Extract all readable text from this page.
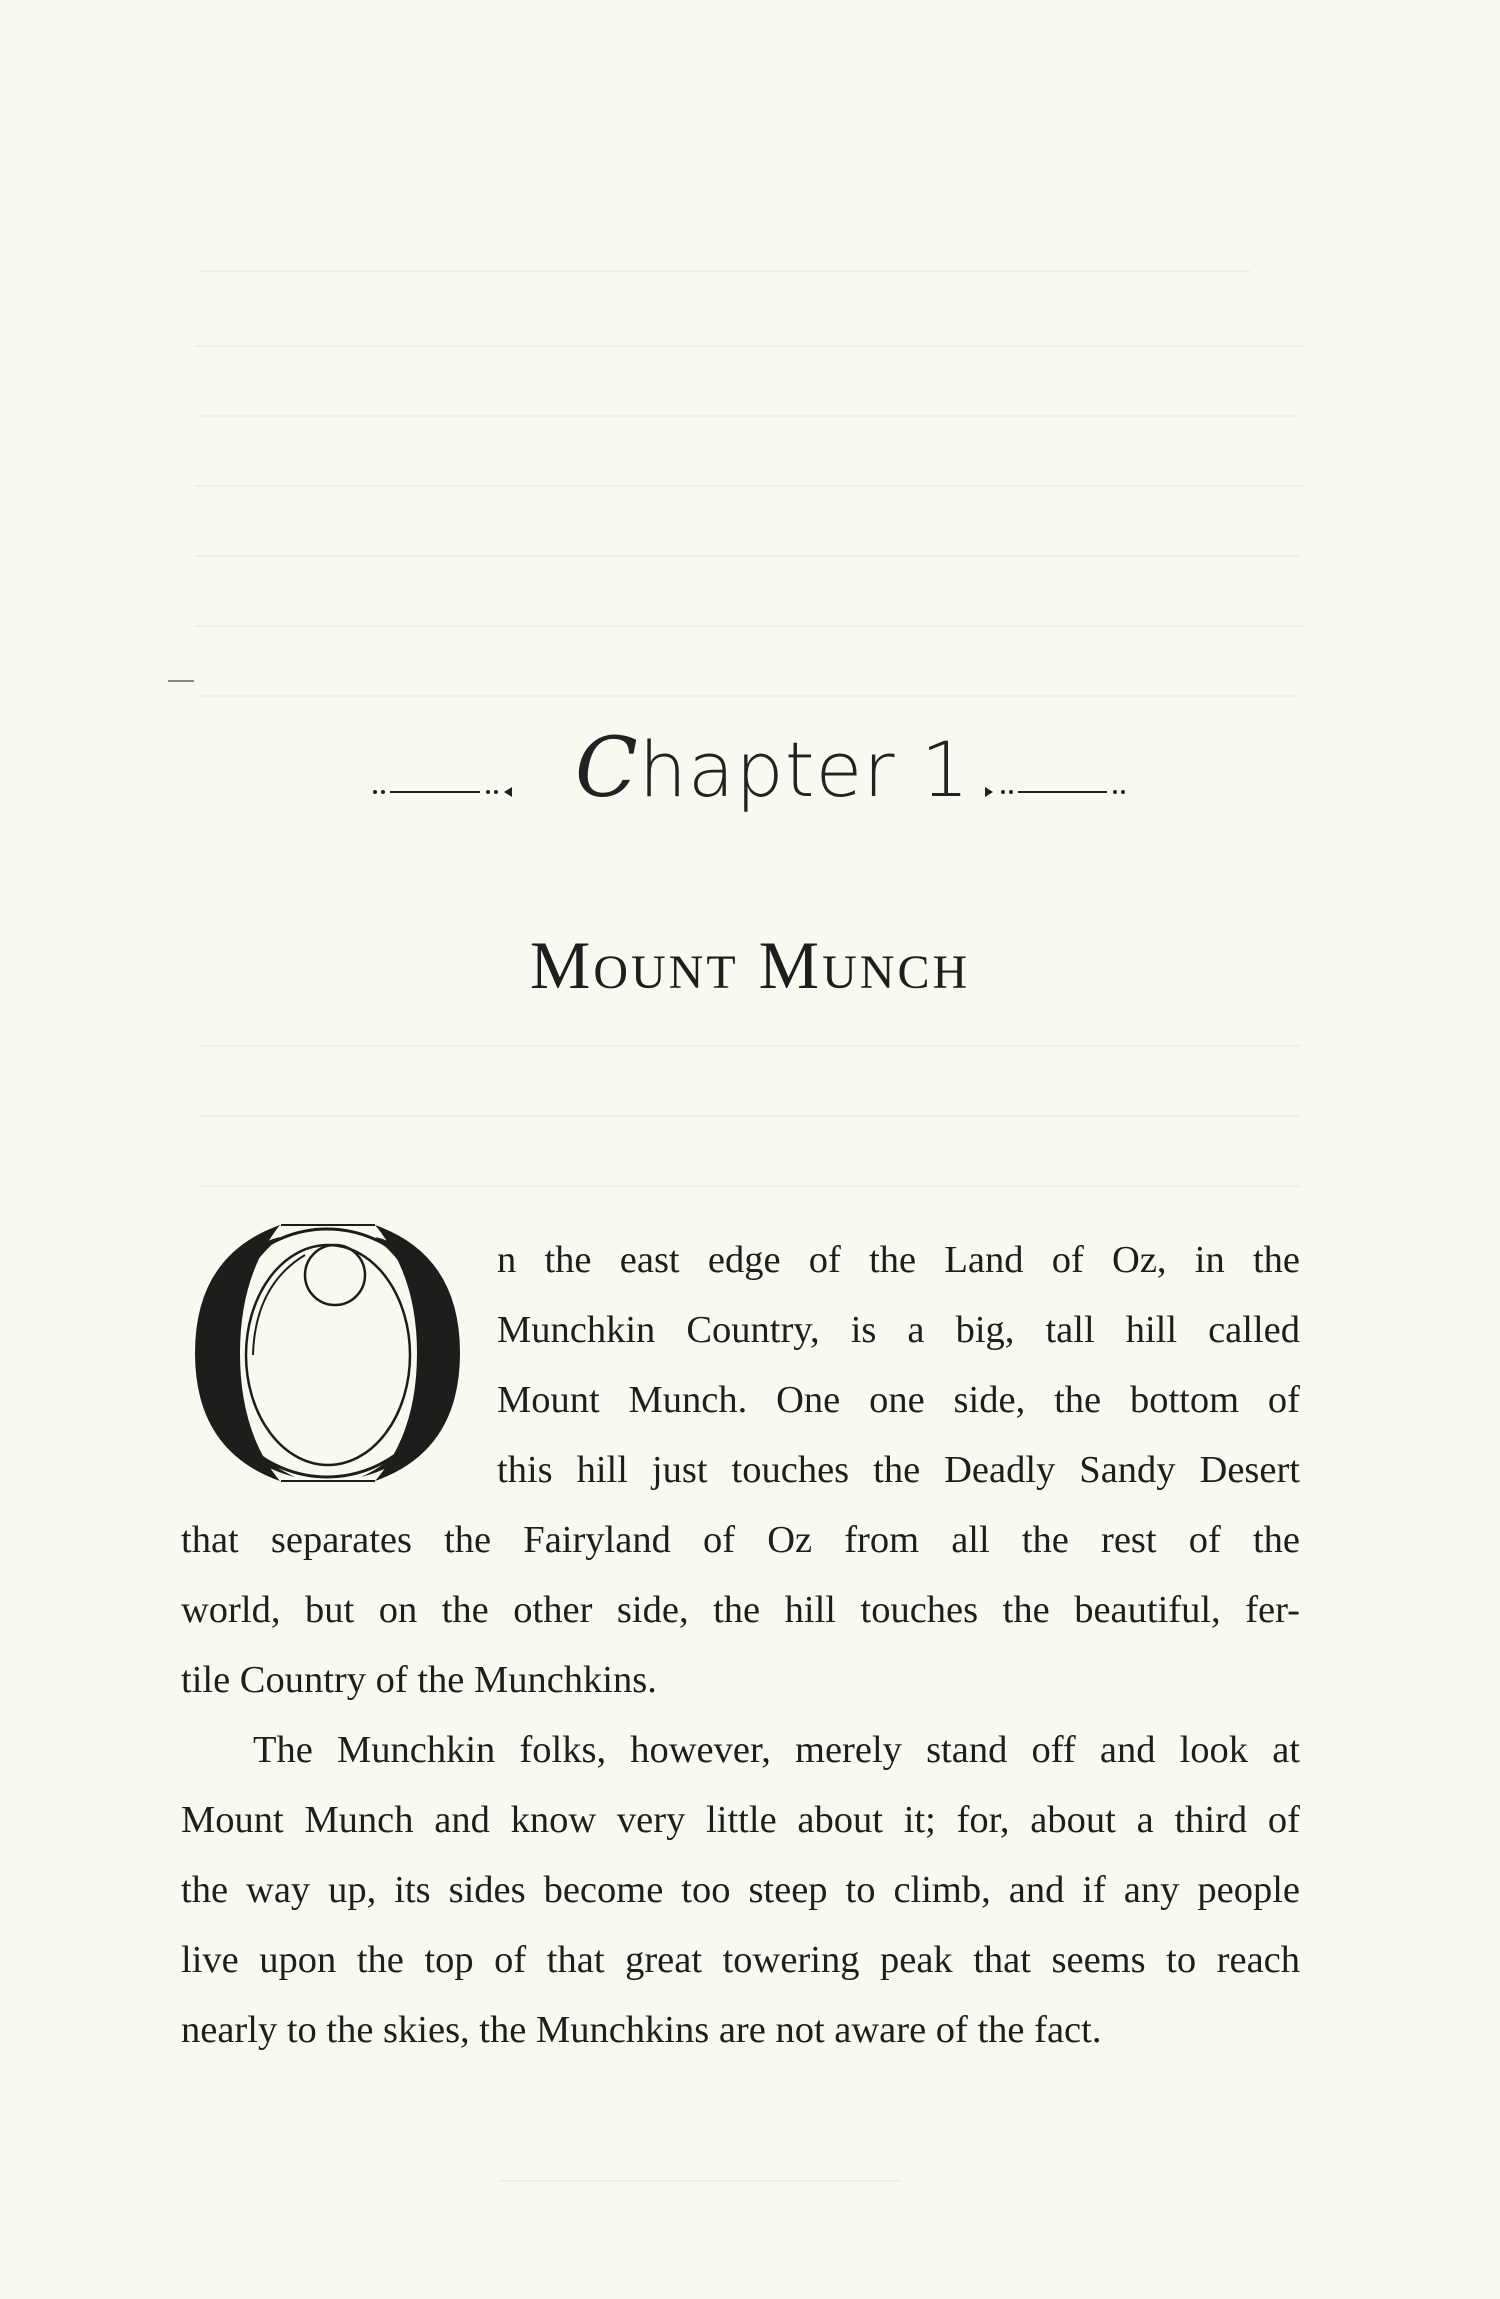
Chapter 1
Mount Munch
n the east edge of the Land of Oz, in the
Munchkin Country, is a big, tall hill called
Mount Munch. One one side, the bottom of
this hill just touches the Deadly Sandy Desert
that separates the Fairyland of Oz from all the rest of the
world, but on the other side, the hill touches the beautiful, fer-
tile Country of the Munchkins.
The Munchkin folks, however, merely stand off and look at
Mount Munch and know very little about it; for, about a third of
the way up, its sides become too steep to climb, and if any people
live upon the top of that great towering peak that seems to reach
nearly to the skies, the Munchkins are not aware of the fact.
